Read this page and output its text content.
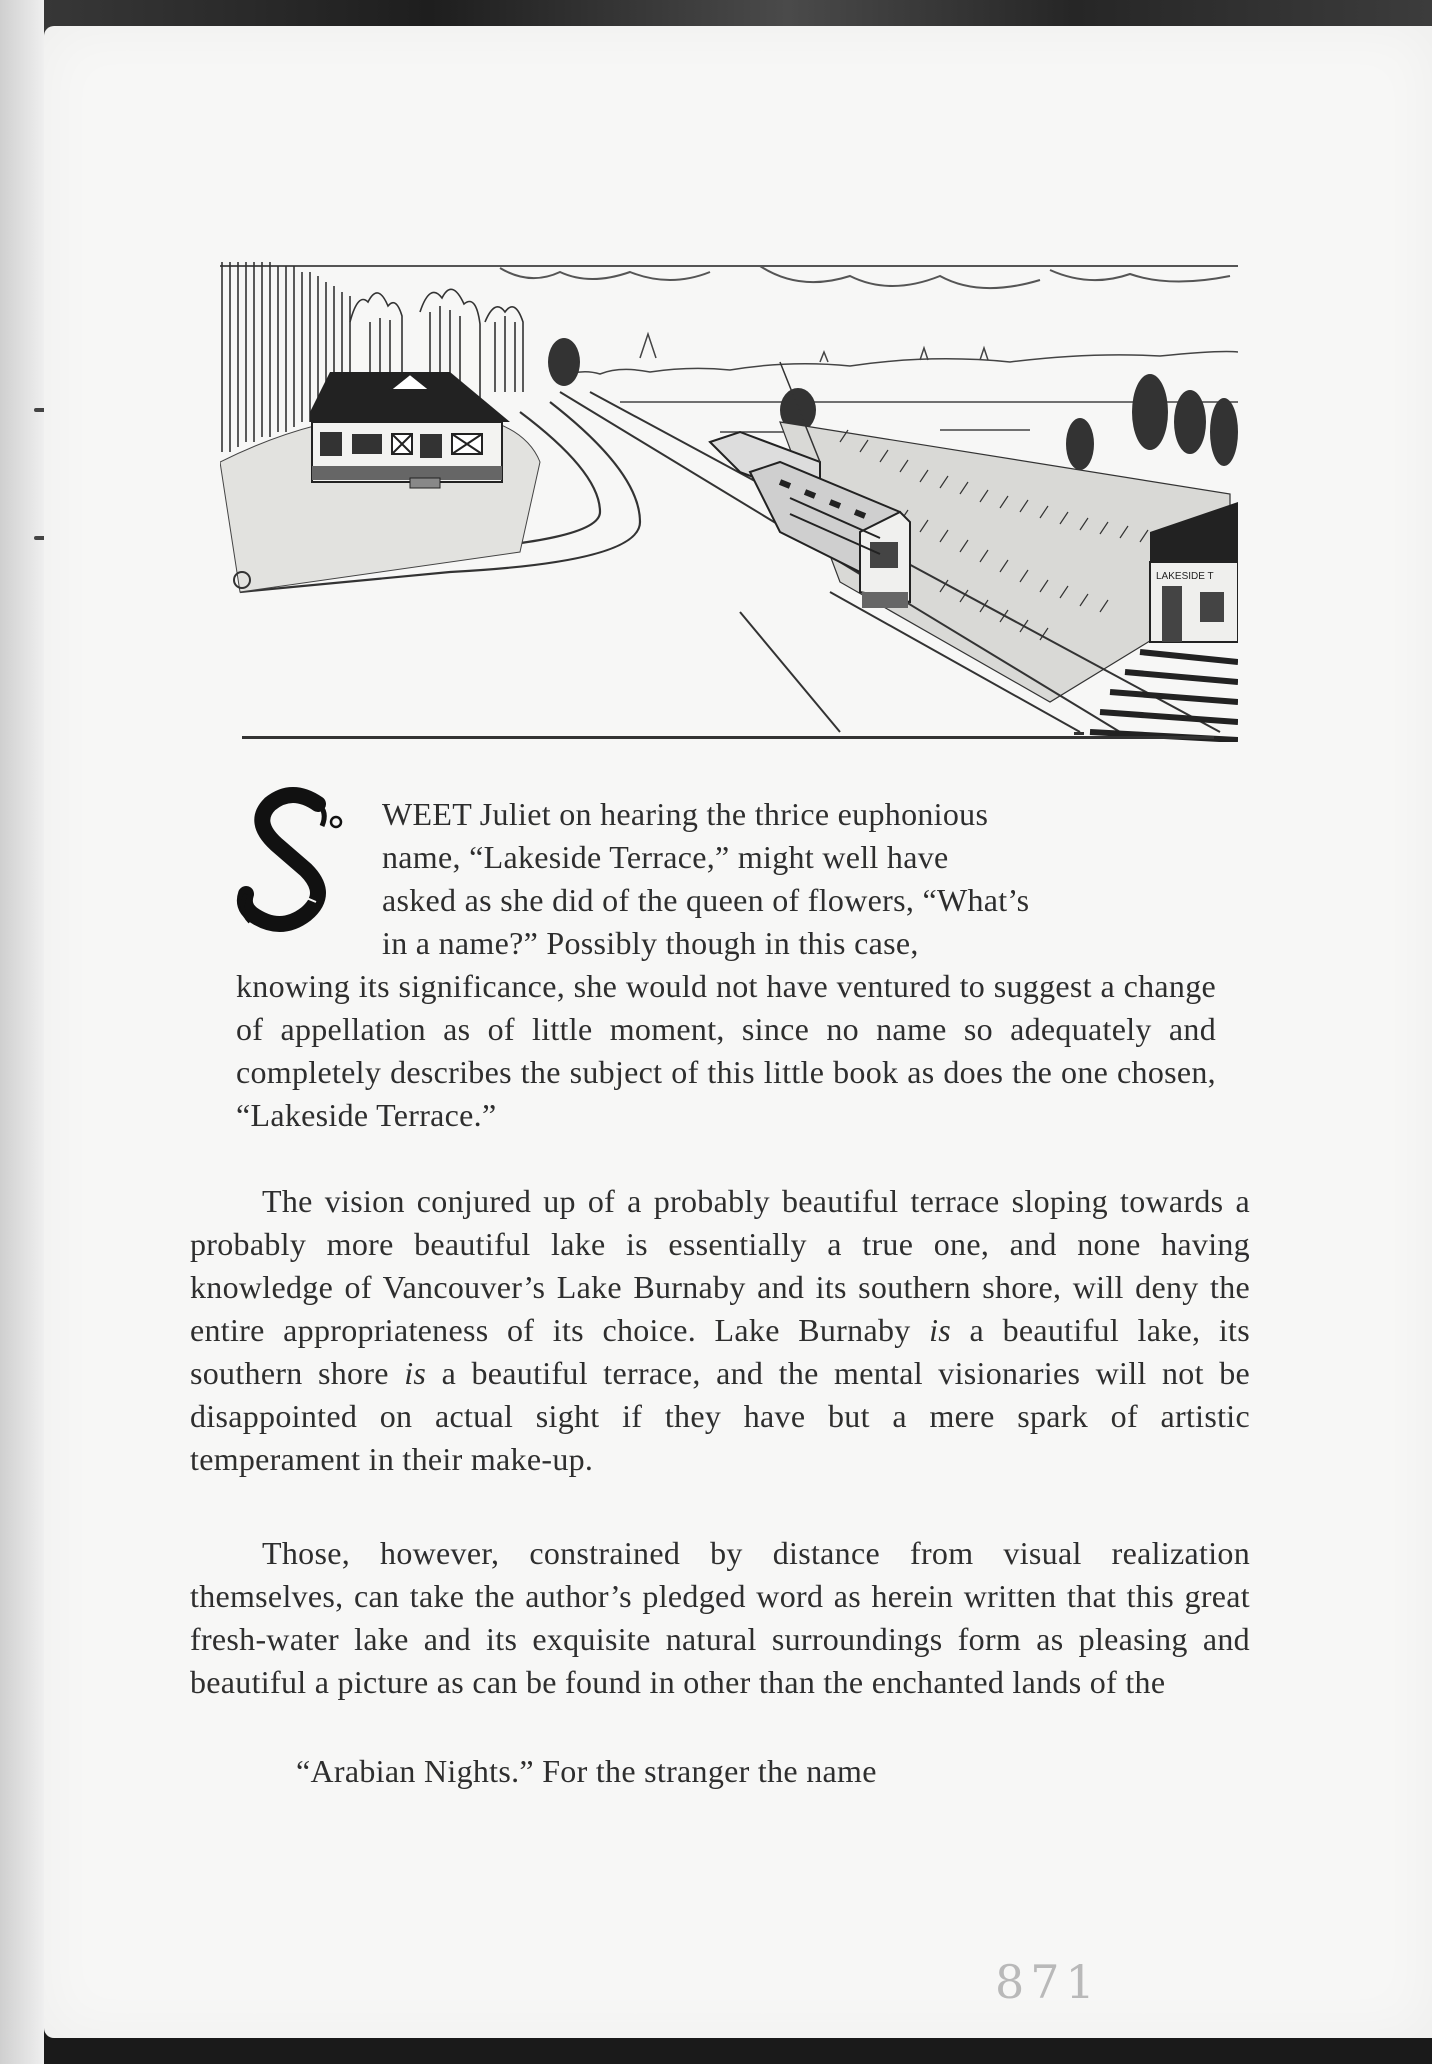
LAKESIDE T
WEET Juliet on hearing the thrice euphonious
name, “Lakeside Terrace,” might well have
asked as she did of the queen of flowers, “What’s
in a name?” Possibly though in this case,

knowing its significance, she would not have ventured to suggest a change of appellation as of little moment, since no name so adequately and completely describes the subject of this little book as does the one chosen, “Lakeside Terrace.”

The vision conjured up of a probably beautiful terrace sloping towards a probably more beautiful lake is essentially a true one, and none having knowledge of Vancouver’s Lake Burnaby and its southern shore, will deny the entire appropriateness of its choice. Lake Burnaby is a beautiful lake, its southern shore is a beautiful terrace, and the mental visionaries will not be disappointed on actual sight if they have but a mere spark of artistic temperament in their make-up.

Those, however, constrained by distance from visual realization themselves, can take the author’s pledged word as herein written that this great fresh-water lake and its exquisite natural surroundings form as pleasing and beautiful a picture as can be found in other than the enchanted lands of the

“Arabian Nights.” For the stranger the name
871
